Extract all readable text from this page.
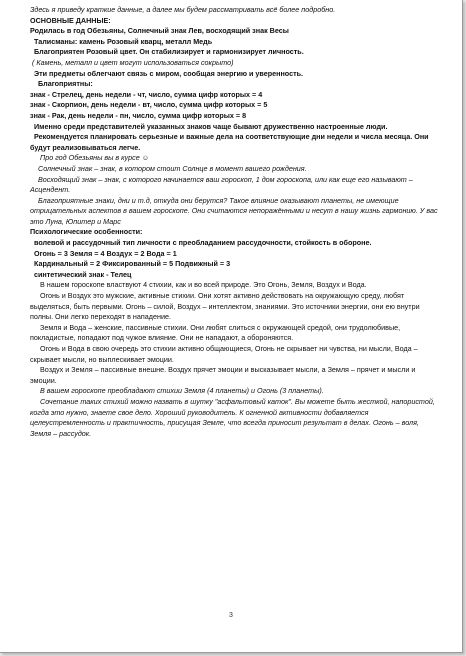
Здесь я приведу краткие данные, а далее мы будем рассматривать всё более подробно.

ОСНОВНЫЕ ДАННЫЕ:

Родилась в год Обезьяны, Солнечный знак Лев, восходящий знак Весы

Талисманы: камень Розовый кварц, металл Медь

Благоприятен Розовый цвет. Он стабилизирует и гармонизирует личность.

( Камень, металл и цвет могут использоваться сокрыто)

Эти предметы облегчают связь с миром, сообщая энергию и уверенность.

Благоприятны:

знак - Стрелец, день недели - чт, число, сумма цифр которых = 4

знак - Скорпион, день недели - вт, число, сумма цифр которых = 5

знак - Рак, день недели - пн, число, сумма цифр которых = 8

Именно среди представителей указанных знаков чаще бывают дружественно настроенные люди.

Рекомендуется планировать серьезные и важные дела на соответствующие дни недели и числа месяца. Они будут реализовываться легче.

Про год Обезьяны вы в курсе ☺

Солнечный знак – знак, в котором стоит Солнце в момент вашего рождения.

Восходящий знак – знак, с которого начинается ваш гороскоп, 1 дом гороскопа, или как еще его называют – Асцендент.

Благоприятные знаки, дни и т.д, откуда они берутся? Такое влияние оказывают планеты, не имеющие отрицательных аспектов в вашем гороскопе. Они считаются непоражёнными и несут в нашу жизнь гармонию. У вас это Луна, Юпитер и Марс

Психологические особенности:

волевой и рассудочный тип личности с преобладанием рассудочности, стойкость в оборонe.

Огонь = 3 Земля = 4 Воздух = 2 Вода = 1

Кардинальный = 2 Фиксированный = 5 Подвижный = 3

синтетический знак - Телец

В нашем гороскопе властвуют 4 стихии, как и во всей природе. Это Огонь, Земля, Воздух и Вода.

Огонь и Воздух это мужские, активные стихии. Они хотят активно действовать на окружающую среду, любят выделяться, быть первыми. Огонь – силой, Воздух – интеллектом, знаниями. Это источники энергии, они ею внутри полны. Они легко переходят в нападение.

Земля и Вода – женские, пассивные стихии. Они любят слиться с окружающей средой, они трудолюбивые, покладистые, попадают под чужое влияние. Они не нападают, а обороняются.

Огонь и Вода в свою очередь это стихии активно общающиеся, Огонь не скрывает ни чувства, ни мысли, Вода – скрывает мысли, но выплескивает эмоции.

Воздух и Земля – пассивные внешне. Воздух прячет эмоции и высказывает мысли, а Земля – прячет и мысли и эмоции.

В вашем гороскопе преобладают стихии Земля (4 планеты) и Огонь (3 планеты).

Сочетание таких стихий можно назвать в шутку "асфальтовый каток". Вы можете быть жесткой, напористой, когда это нужно, знаете свое дело. Хороший руководитель. К огненной активности добавляется целеустремленность и практичность, присущая Земле, что всегда приносит результат в делах. Огонь – воля, Земля – рассудок.

3
